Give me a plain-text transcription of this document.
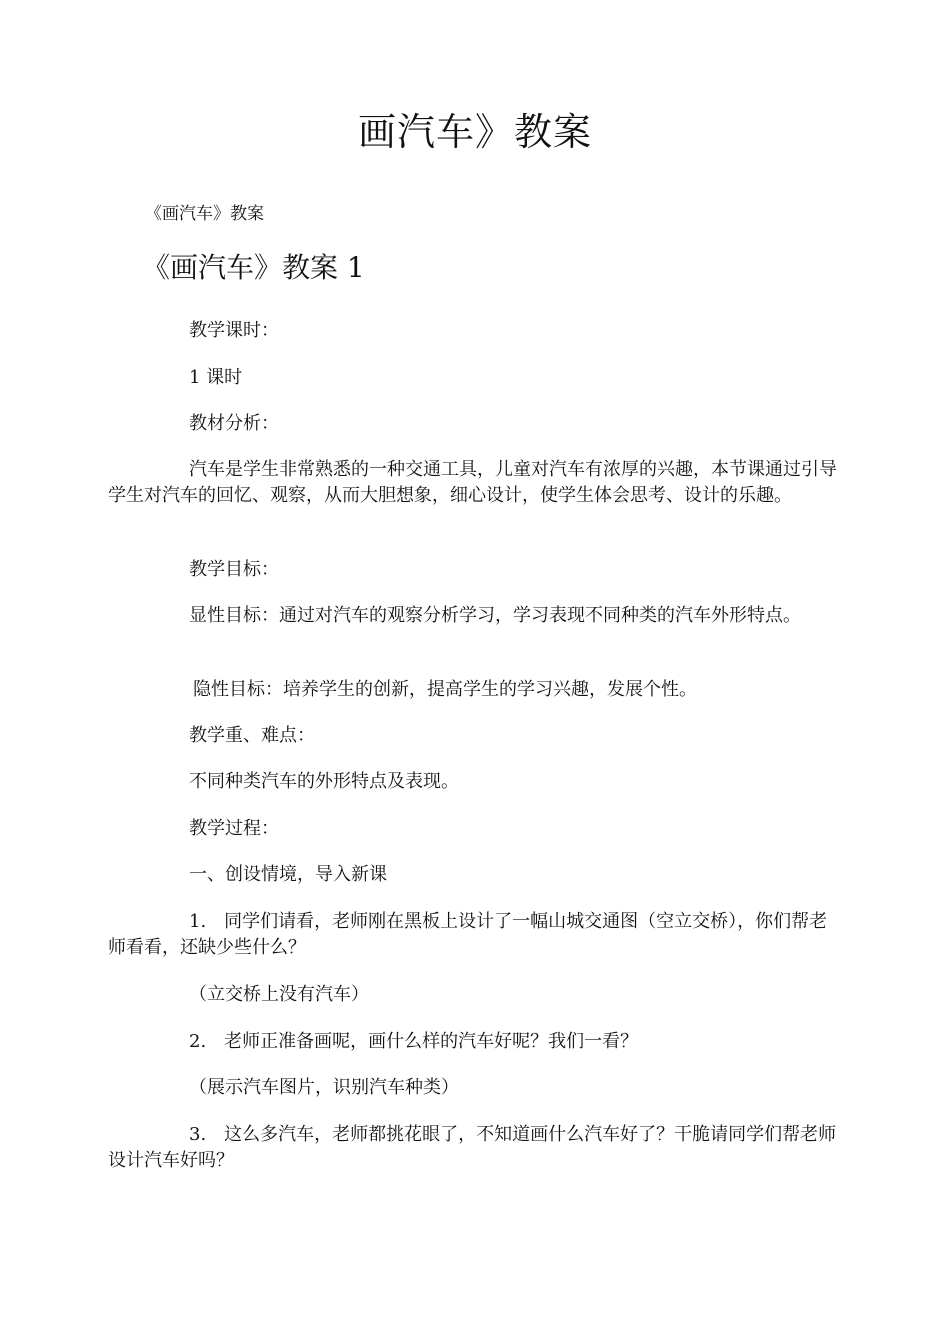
画汽车》教案
《画汽车》教案
《画汽车》教案 1

教学课时：

1 课时

教材分析：

汽车是学生非常熟悉的一种交通工具，儿童对汽车有浓厚的兴趣，本节课通过引导学生对汽车的回忆、观察，从而大胆想象，细心设计，使学生体会思考、设计的乐趣。

教学目标：

显性目标：通过对汽车的观察分析学习，学习表现不同种类的汽车外形特点。

隐性目标：培养学生的创新，提高学生的学习兴趣，发展个性。

教学重、难点：

不同种类汽车的外形特点及表现。

教学过程：

一、创设情境，导入新课

1.　同学们请看，老师刚在黑板上设计了一幅山城交通图（空立交桥），你们帮老师看看，还缺少些什么？

（立交桥上没有汽车）

2.　老师正准备画呢，画什么样的汽车好呢？我们一看？

（展示汽车图片，识别汽车种类）

3.　这么多汽车，老师都挑花眼了，不知道画什么汽车好了？干脆请同学们帮老师设计汽车好吗？
